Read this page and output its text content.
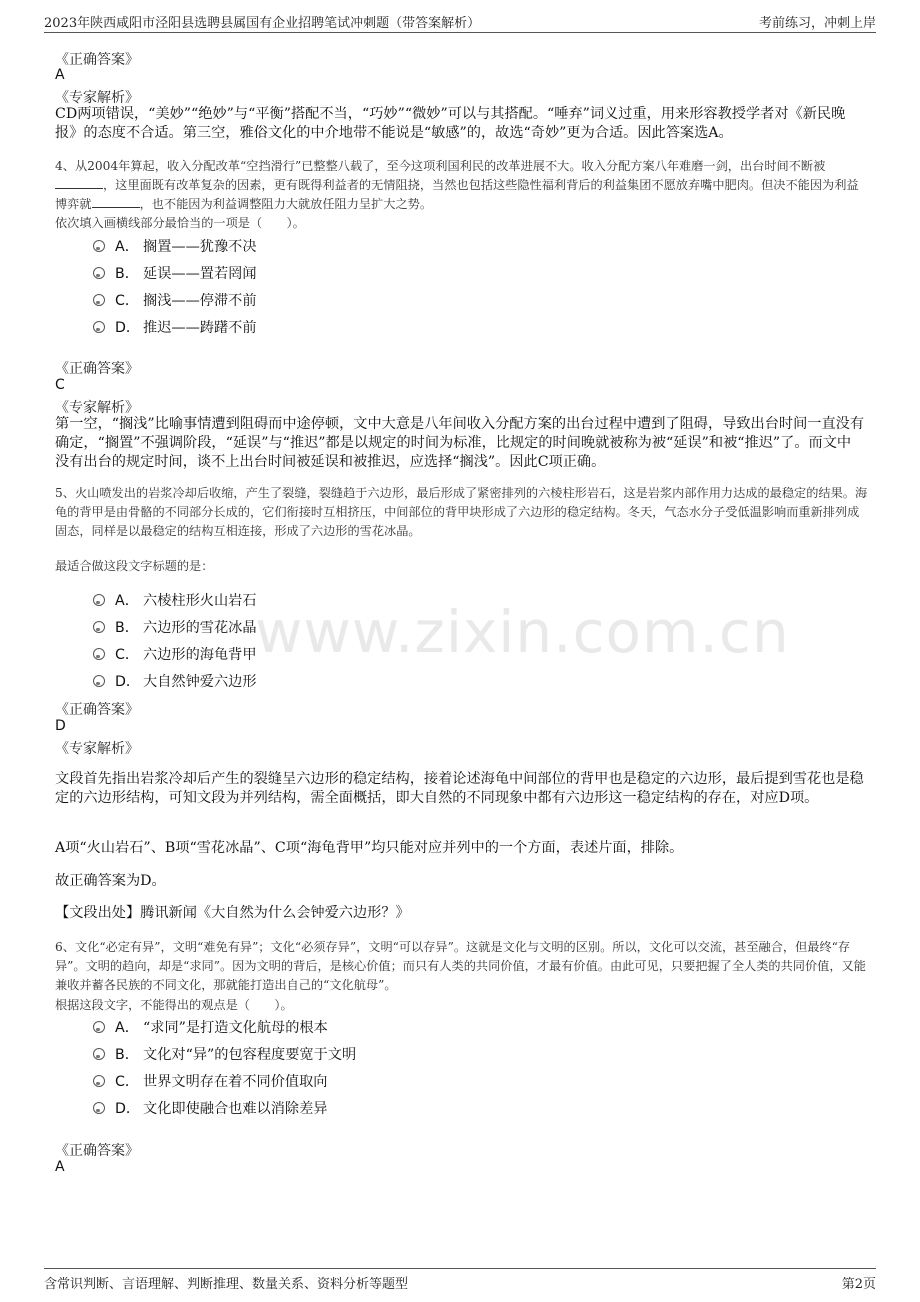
2023年陕西咸阳市泾阳县选聘县属国有企业招聘笔试冲刺题（带答案解析）	考前练习，冲刺上岸
www.zixin.com.cn
《正确答案》
A
《专家解析》
CD两项错误，“美妙”“绝妙”与“平衡”搭配不当，“巧妙”“微妙”可以与其搭配。“唾弃”词义过重，用来形容教授学者对《新民晚报》的态度不合适。第三空，雅俗文化的中介地带不能说是“敏感”的，故选“奇妙”更为合适。因此答案选A。
4、从2004年算起，收入分配改革“空挡滑行”已整整八载了，至今这项利国利民的改革进展不大。收入分配方案八年难磨一剑，出台时间不断被，这里面既有改革复杂的因素，更有既得利益者的无情阻挠，当然也包括这些隐性福利背后的利益集团不愿放弃嘴中肥肉。但决不能因为利益博弈就	，也不能因为利益调整阻力大就放任阻力呈扩大之势。
依次填入画横线部分最恰当的一项是（　　）。
A． 搁置——犹豫不决
B． 延误——置若罔闻
C． 搁浅——停滞不前
D． 推迟——踌躇不前
《正确答案》
C
《专家解析》
第一空，“搁浅”比喻事情遭到阻碍而中途停顿，文中大意是八年间收入分配方案的出台过程中遭到了阻碍，导致出台时间一直没有确定，“搁置”不强调阶段，“延误”与“推迟”都是以规定的时间为标准，比规定的时间晚就被称为被“延误”和被“推迟”了。而文中没有出台的规定时间，谈不上出台时间被延误和被推迟，应选择“搁浅”。因此C项正确。
5、火山喷发出的岩浆冷却后收缩，产生了裂缝，裂缝趋于六边形，最后形成了紧密排列的六棱柱形岩石，这是岩浆内部作用力达成的最稳定的结果。海龟的背甲是由骨骼的不同部分长成的，它们衔接时互相挤压，中间部位的背甲块形成了六边形的稳定结构。冬天，气态水分子受低温影响而重新排列成固态，同样是以最稳定的结构互相连接，形成了六边形的雪花冰晶。
最适合做这段文字标题的是：
A． 六棱柱形火山岩石
B． 六边形的雪花冰晶
C． 六边形的海龟背甲
D． 大自然钟爱六边形
《正确答案》
D
《专家解析》
文段首先指出岩浆冷却后产生的裂缝呈六边形的稳定结构，接着论述海龟中间部位的背甲也是稳定的六边形，最后提到雪花也是稳定的六边形结构，可知文段为并列结构，需全面概括，即大自然的不同现象中都有六边形这一稳定结构的存在，对应D项。
A项“火山岩石”、B项“雪花冰晶”、C项“海龟背甲”均只能对应并列中的一个方面，表述片面，排除。
故正确答案为D。
【文段出处】腾讯新闻《大自然为什么会钟爱六边形？》
6、文化“必定有异”，文明“难免有异”；文化“必须存异”，文明“可以存异”。这就是文化与文明的区别。所以，文化可以交流，甚至融合，但最终“存异”。文明的趋向，却是“求同”。因为文明的背后，是核心价值；而只有人类的共同价值，才最有价值。由此可见，只要把握了全人类的共同价值，又能兼收并蓄各民族的不同文化，那就能打造出自己的“文化航母”。
根据这段文字，不能得出的观点是（　　）。
A． “求同”是打造文化航母的根本
B． 文化对“异”的包容程度要宽于文明
C． 世界文明存在着不同价值取向
D． 文化即使融合也难以消除差异
《正确答案》
A
含常识判断、言语理解、判断推理、数量关系、资料分析等题型	第2页
